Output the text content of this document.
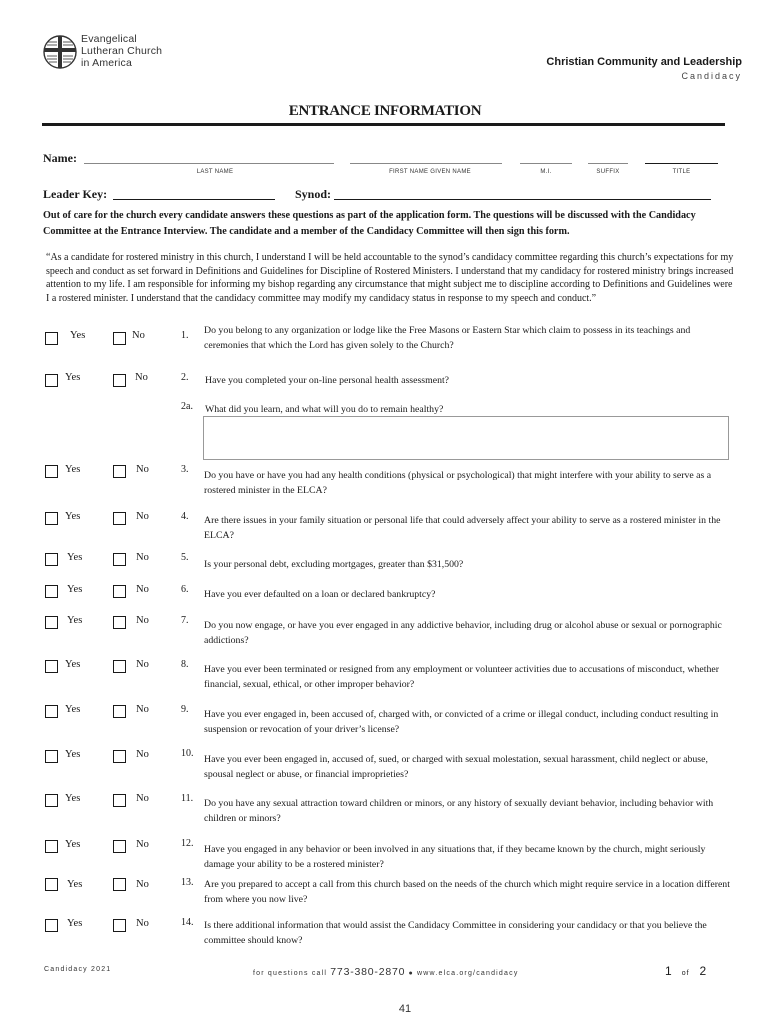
Evangelical
Lutheran Church
in America	Christian Community and Leadership
Candidacy
ENTRANCE INFORMATION
Name:
LAST NAME	FIRST NAME GIVEN NAME	M.I.	SUFFIX	TITLE
Leader Key:	Synod:
Out of care for the church every candidate answers these questions as part of the application form. The questions will be discussed with the Candidacy Committee at the Entrance Interview. The candidate and a member of the Candidacy Committee will then sign this form.
“As a candidate for rostered ministry in this church, I understand I will be held accountable to the synod’s candidacy committee regarding this church’s expectations for my speech and conduct as set forward in Definitions and Guidelines for Discipline of Rostered Ministers. I understand that my candidacy for rostered ministry brings increased attention to my life. I am responsible for informing my bishop regarding any circumstance that might subject me to discipline according to Definitions and Guidelines were I a rostered minister. I understand that the candidacy committee may modify my candidacy status in response to my speech and conduct.”
Yes	No	1. Do you belong to any organization or lodge like the Free Masons or Eastern Star which claim to possess in its teachings and ceremonies that which the Lord has given solely to the Church?
Yes	No	2. Have you completed your on-line personal health assessment?
2a. What did you learn, and what will you do to remain healthy?
Yes	No	3.
Do you have or have you had any health conditions (physical or psychological) that might interfere with your ability to serve as a rostered minister in the ELCA?
Yes	No	4. Are there issues in your family situation or personal life that could adversely affect your ability to serve as a rostered minister in the ELCA?
Yes	No	5.
Is your personal debt, excluding mortgages, greater than $31,500?
Yes	No	6. Have you ever defaulted on a loan or declared bankruptcy?
Yes	No	7. Do you now engage, or have you ever engaged in any addictive behavior, including drug or alcohol abuse or sexual or pornographic addictions?
Yes	No	8. Have you ever been terminated or resigned from any employment or volunteer activities due to accusations of misconduct, whether financial, sexual, ethical, or other improper behavior?
Yes	No	9. Have you ever engaged in, been accused of, charged with, or convicted of a crime or illegal conduct, including conduct resulting in suspension or revocation of your driver’s license?
Yes	No	10.
Have you ever been engaged in, accused of, sued, or charged with sexual molestation, sexual harassment, child neglect or abuse, spousal neglect or abuse, or financial improprieties?
Yes	No	11. Do you have any sexual attraction toward children or minors, or any history of sexually deviant behavior, including behavior with children or minors?
Yes	No	12.
Have you engaged in any behavior or been involved in any situations that, if they became known by the church, might seriously damage your ability to be a rostered minister?
Yes	No	13. Are you prepared to accept a call from this church based on the needs of the church which might require service in a location different from where you now live?
Yes	No	14. Is there additional information that would assist the Candidacy Committee in considering your candidacy or that you believe the committee should know?
Candidacy 2021
for questions call 773-380-2870 ● www.elca.org/candidacy	1 of 2
41
